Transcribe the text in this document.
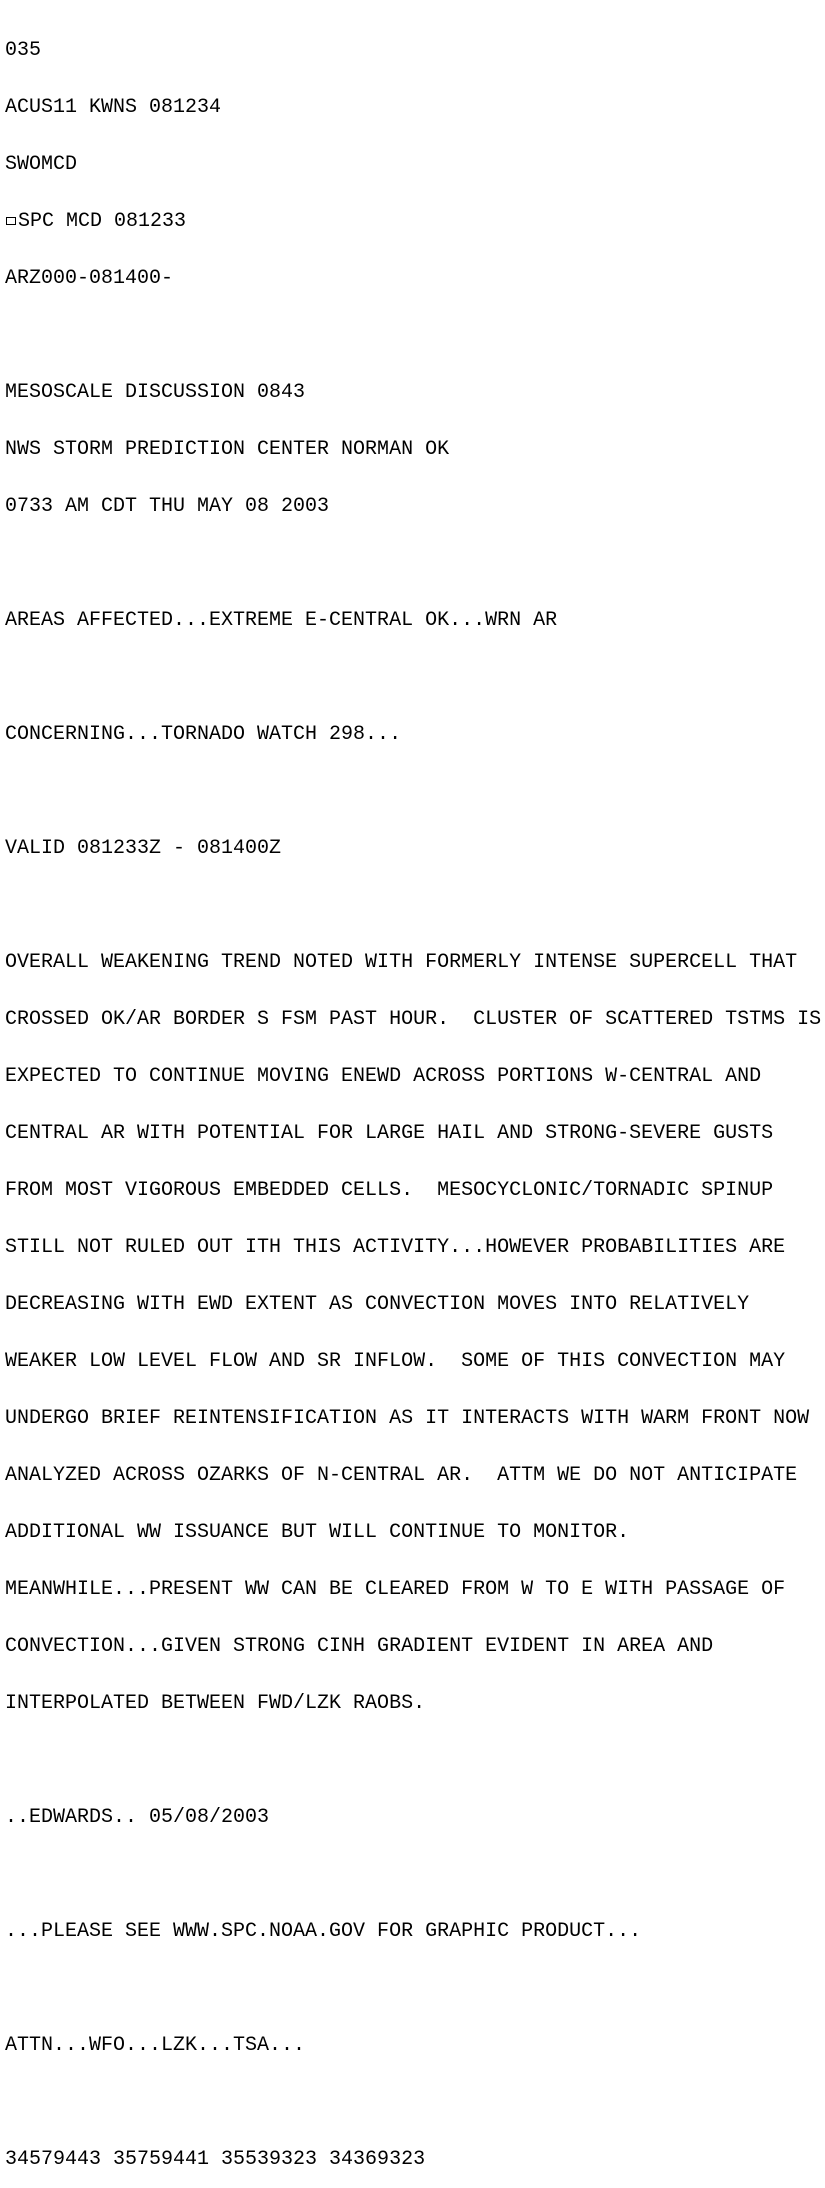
035

ACUS11 KWNS 081234

SWOMCD

SPC MCD 081233

ARZ000-081400-

MESOSCALE DISCUSSION 0843

NWS STORM PREDICTION CENTER NORMAN OK

0733 AM CDT THU MAY 08 2003

AREAS AFFECTED...EXTREME E-CENTRAL OK...WRN AR

CONCERNING...TORNADO WATCH 298...

VALID 081233Z - 081400Z

OVERALL WEAKENING TREND NOTED WITH FORMERLY INTENSE SUPERCELL THAT

CROSSED OK/AR BORDER S FSM PAST HOUR.  CLUSTER OF SCATTERED TSTMS IS

EXPECTED TO CONTINUE MOVING ENEWD ACROSS PORTIONS W-CENTRAL AND

CENTRAL AR WITH POTENTIAL FOR LARGE HAIL AND STRONG-SEVERE GUSTS

FROM MOST VIGOROUS EMBEDDED CELLS.  MESOCYCLONIC/TORNADIC SPINUP

STILL NOT RULED OUT ITH THIS ACTIVITY...HOWEVER PROBABILITIES ARE

DECREASING WITH EWD EXTENT AS CONVECTION MOVES INTO RELATIVELY

WEAKER LOW LEVEL FLOW AND SR INFLOW.  SOME OF THIS CONVECTION MAY

UNDERGO BRIEF REINTENSIFICATION AS IT INTERACTS WITH WARM FRONT NOW

ANALYZED ACROSS OZARKS OF N-CENTRAL AR.  ATTM WE DO NOT ANTICIPATE

ADDITIONAL WW ISSUANCE BUT WILL CONTINUE TO MONITOR.

MEANWHILE...PRESENT WW CAN BE CLEARED FROM W TO E WITH PASSAGE OF

CONVECTION...GIVEN STRONG CINH GRADIENT EVIDENT IN AREA AND

INTERPOLATED BETWEEN FWD/LZK RAOBS.

..EDWARDS.. 05/08/2003

...PLEASE SEE WWW.SPC.NOAA.GOV FOR GRAPHIC PRODUCT...

ATTN...WFO...LZK...TSA...

34579443 35759441 35539323 34369323
